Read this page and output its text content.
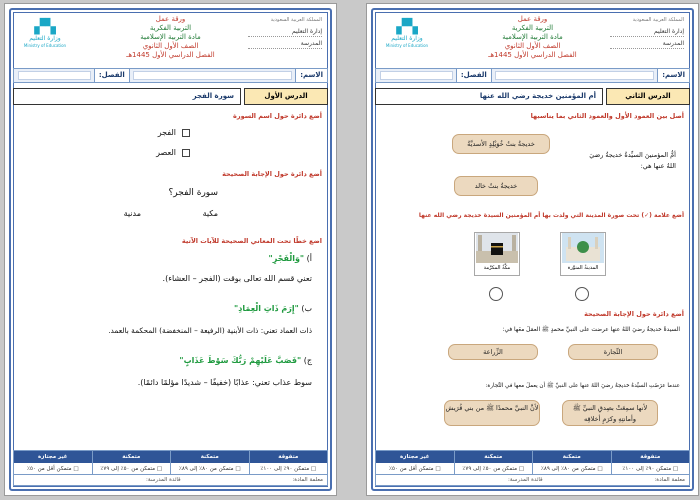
المملكة العربية السعودية
إدارة التعليم
المدرسة
ورقة عمل
التربية الفكرية
مادة التربية الإسلامية
الصف الأول الثانوي
الفصل الدراسي الأول 1445هـ
▚▞
وزارة التعليم
Ministry of Education
الاسم:
الفصل:
الدرس الأول
سورة الفجر
أضع دائرة حول اسم السورة
الفجر
العصر
أضع دائرة حول الإجابة الصحيحة
سورة الفجر؟
مكية
مدنية
اضع خطًا تحت المعاني الصحيحة للآيات الآتية
أ) "وَالْفَجْرِ"
تعني قسم الله تعالى بوقت (الفجر – العشاء).
ب) "إِرَمَ ذَاتِ الْعِمَادِ"
ذات العماد تعني: ذات الأبنية (الرفيعة – المنخفضة) المحكمة بالعمد.
ج) "فَصَبَّ عَلَيْهِمْ رَبُّكَ سَوْطَ عَذَابٍ"
سوط عذاب تعني: عذابًا (خفيفًا – شديدًا مؤلمًا دائمًا).
متفوقة
متمكنة
متمكنة
غير مجتازة
□ متمكن ٩٠٪ إلى ١٠٠٪
□ متمكن من ٨٠٪ إلى ٨٩٪
□ متمكن من ٥٠٪ إلى ٧٩٪
□ متمكن أقل من ٥٠٪
معلمة المادة: قائدة المدرسة:
المملكة العربية السعودية
إدارة التعليم
المدرسة
ورقة عمل
التربية الفكرية
مادة التربية الإسلامية
الصف الأول الثانوي
الفصل الدراسي الأول 1445هـ
▚▞
وزارة التعليم
Ministry of Education
الاسم:
الفصل:
الدرس الثاني
أم المؤمنين خديجة رضي الله عنها
أصل بين العمود الأول والعمود الثاني بما يناسبها
أمُّ المؤمنينَ السيِّدةُ خديجةُ رضيَ اللهُ عنها هي:
خديجةُ بنتُ خُوَيْلِدٍ الأسديَّةُ
خديجةُ بنتُ خالد
أضع علامة (✓) تحت صورة المدينة التي ولدت بها أم المؤمنين السيدة خديجة رضي الله عنها
المدينةُ المنوَّرة
مكَّةُ المكرَّمة
أضع دائرة حول الإجابة الصحيحة
السيدةُ خديجةُ رضيَ اللهُ عنها عرضت على النبيِّ محمدٍ ﷺ العمَلَ معَها في:
التِّجارة
الزِّراعة
عندما عرَضَتِ السيِّدةُ خديجةُ رضيَ اللهُ عنها على النبيِّ ﷺ أن يعملَ معها في التِّجارة:
لأنها سمِعَتْ بصِدقِ النبيِّ ﷺ وأمانتِهِ وكرَمِ أخلاقِه
لأنَّ النبيَّ محمدًا ﷺ من بني قُرَيش
متفوقة
متمكنة
متمكنة
غير مجتازة
□ متمكن ٩٠٪ إلى ١٠٠٪
□ متمكن من ٨٠٪ إلى ٨٩٪
□ متمكن من ٥٠٪ إلى ٧٩٪
□ متمكن أقل من ٥٠٪
معلمة المادة: قائدة المدرسة:
